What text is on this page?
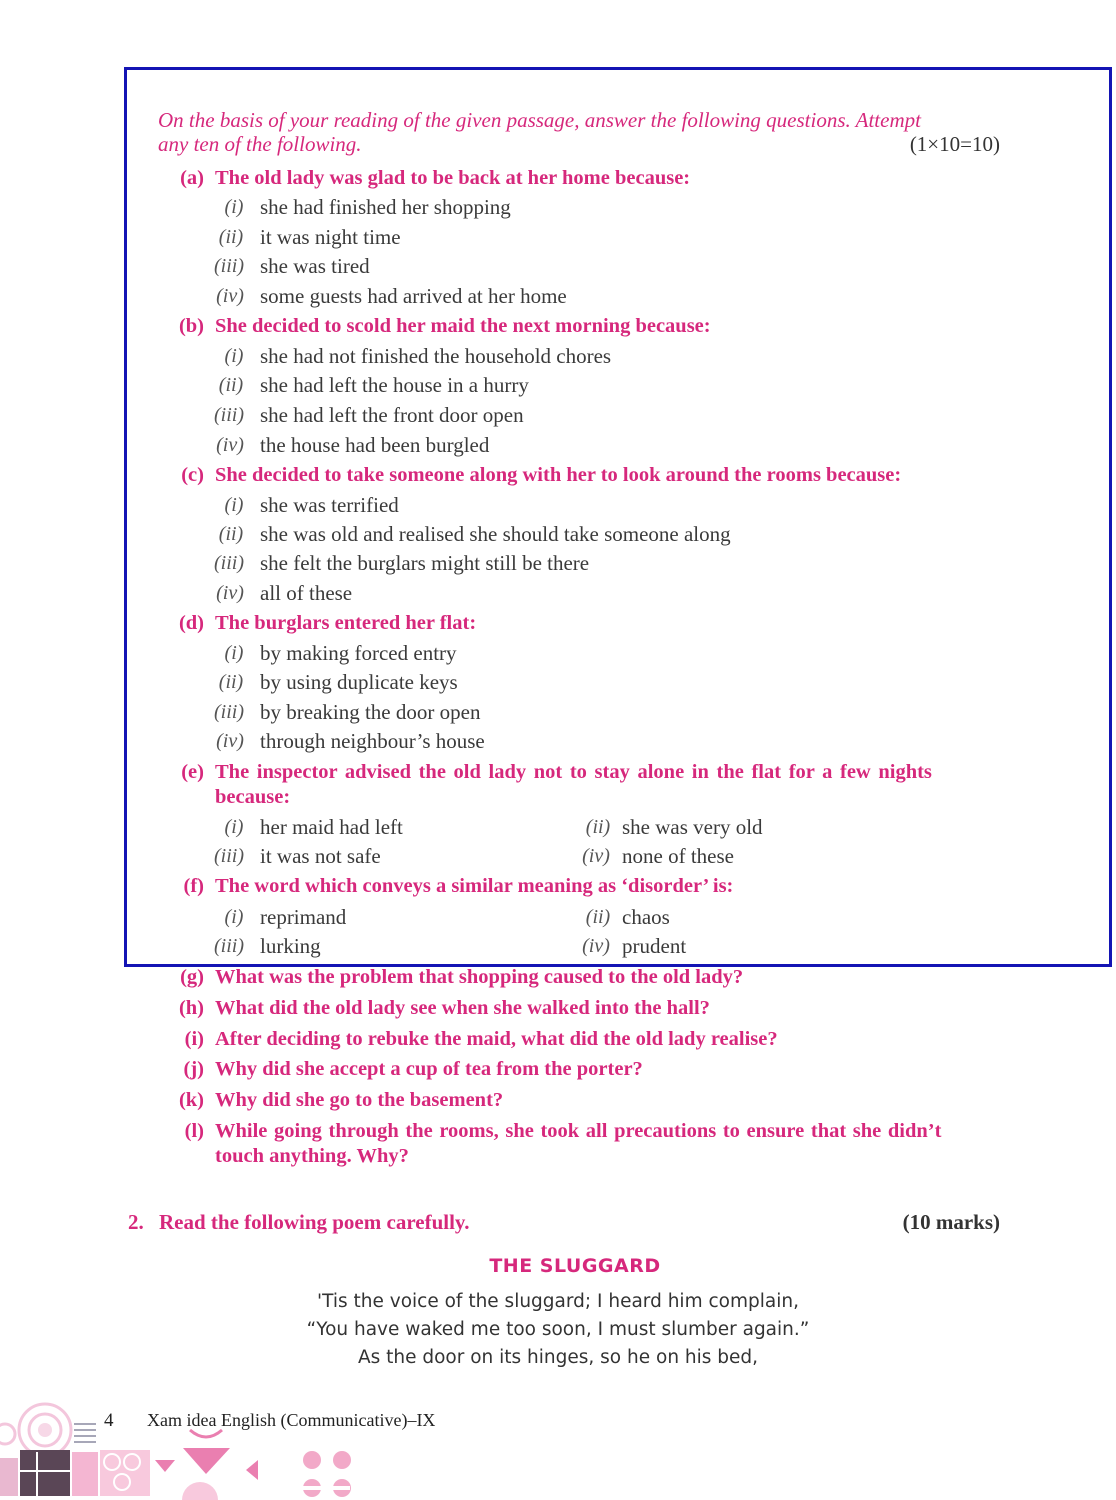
On the basis of your reading of the given passage, answer the following questions. Attempt
any ten of the following.	(1×10=10)
(a) The old lady was glad to be back at her home because:
(i) she had finished her shopping
(ii) it was night time
(iii) she was tired
(iv) some guests had arrived at her home
(b) She decided to scold her maid the next morning because:
(i) she had not finished the household chores
(ii) she had left the house in a hurry
(iii) she had left the front door open
(iv) the house had been burgled
(c) She decided to take someone along with her to look around the rooms because:
(i) she was terrified
(ii) she was old and realised she should take someone along
(iii) she felt the burglars might still be there
(iv) all of these
(d) The burglars entered her flat:
(i) by making forced entry
(ii) by using duplicate keys
(iii) by breaking the door open
(iv) through neighbour’s house
(e) The inspector advised the old lady not to stay alone in the flat for a few nights
because:
(i) her maid had left	(ii) she was very old
(iii) it was not safe	(iv) none of these
(f) The word which conveys a similar meaning as ‘disorder’ is:
(i) reprimand	(ii) chaos
(iii) lurking	(iv) prudent
(g) What was the problem that shopping caused to the old lady?
(h) What did the old lady see when she walked into the hall?
(i) After deciding to rebuke the maid, what did the old lady realise?
(j) Why did she accept a cup of tea from the porter?
(k) Why did she go to the basement?
(l) While going through the rooms, she took all precautions to ensure that she didn’t
touch anything. Why?
2. Read the following poem carefully.	(10 marks)
THE SLUGGARD
'Tis the voice of the sluggard; I heard him complain,
“You have waked me too soon, I must slumber again.”
As the door on its hinges, so he on his bed,
4 Xam idea English (Communicative)–IX
